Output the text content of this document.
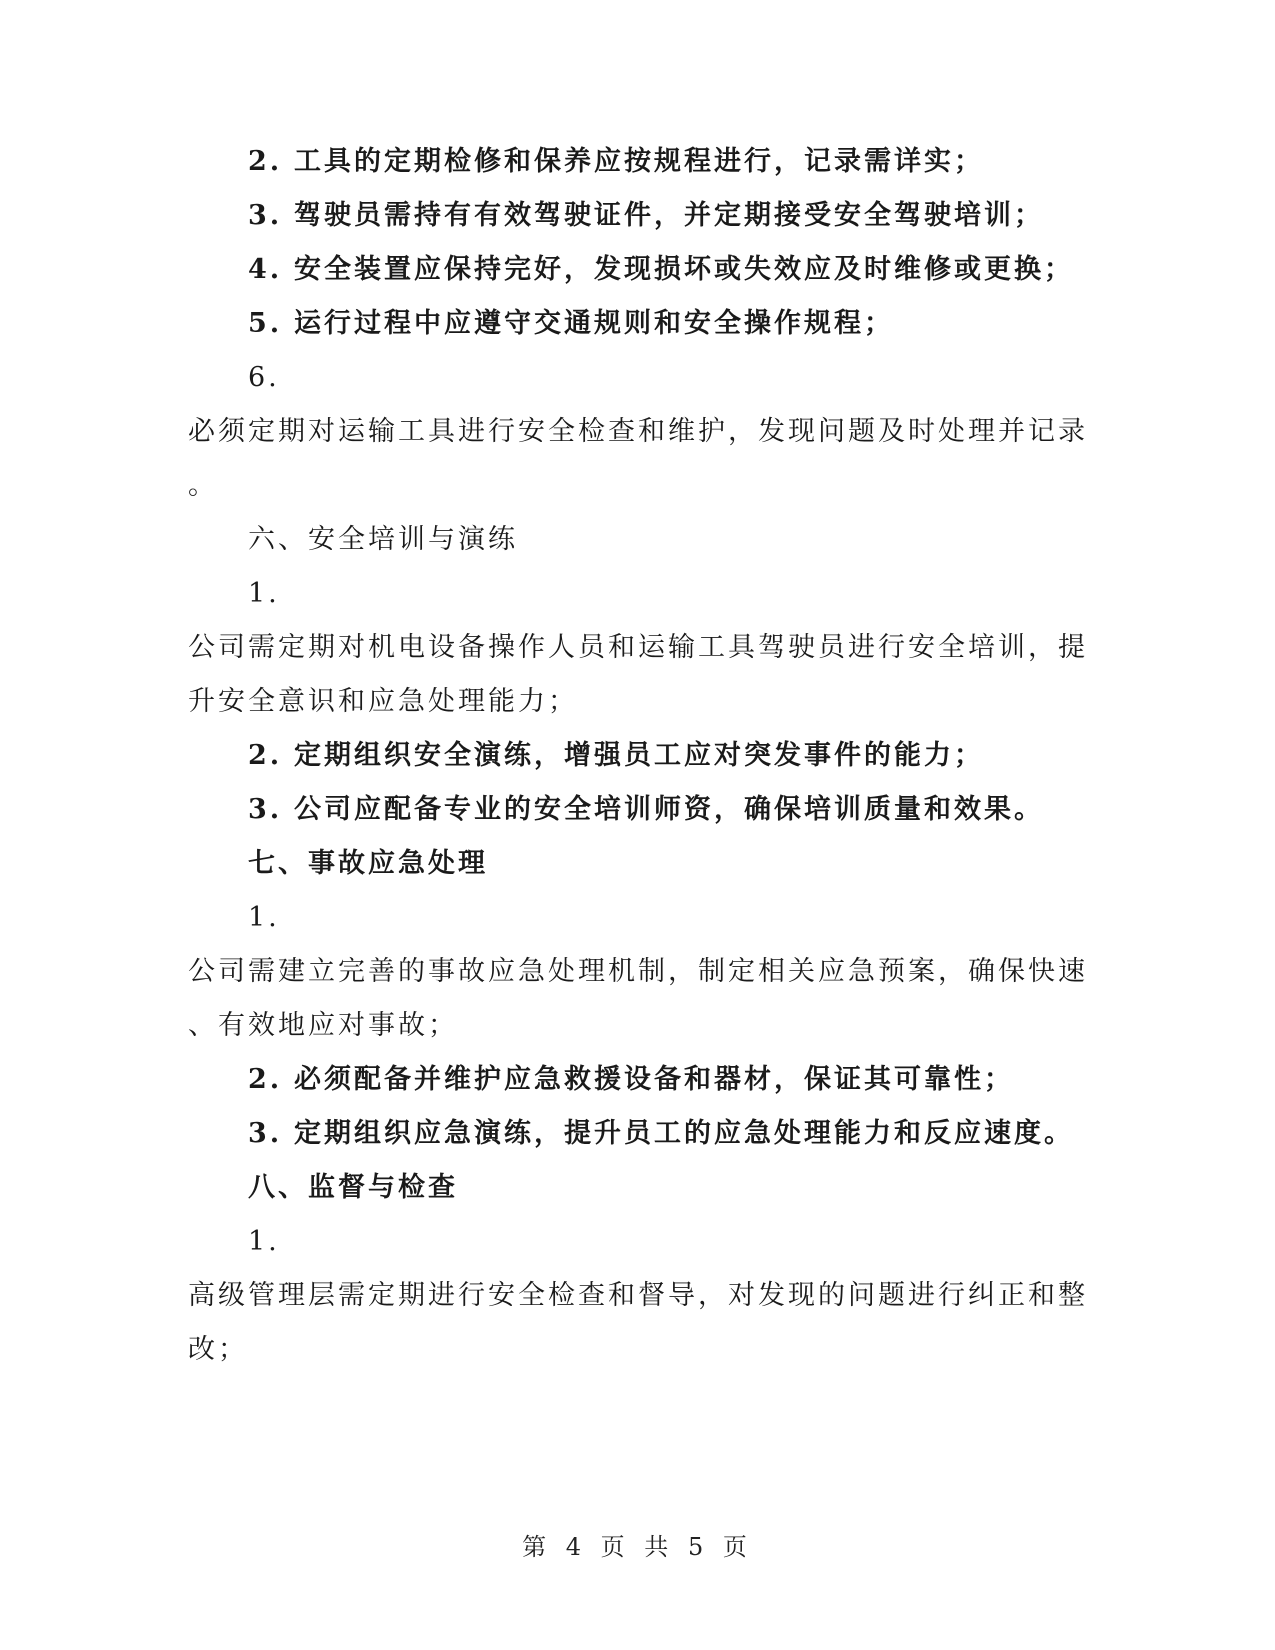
2. 工具的定期检修和保养应按规程进行，记录需详实；
3. 驾驶员需持有有效驾驶证件，并定期接受安全驾驶培训；
4. 安全装置应保持完好，发现损坏或失效应及时维修或更换；
5. 运行过程中应遵守交通规则和安全操作规程；
6.
必须定期对运输工具进行安全检查和维护，发现问题及时处理并记录
。
六、安全培训与演练
1.
公司需定期对机电设备操作人员和运输工具驾驶员进行安全培训，提
升安全意识和应急处理能力；
2. 定期组织安全演练，增强员工应对突发事件的能力；
3. 公司应配备专业的安全培训师资，确保培训质量和效果。
七、事故应急处理
1.
公司需建立完善的事故应急处理机制，制定相关应急预案，确保快速
、有效地应对事故；
2. 必须配备并维护应急救援设备和器材，保证其可靠性；
3. 定期组织应急演练，提升员工的应急处理能力和反应速度。
八、监督与检查
1.
高级管理层需定期进行安全检查和督导，对发现的问题进行纠正和整
改；
第 4 页 共 5 页
